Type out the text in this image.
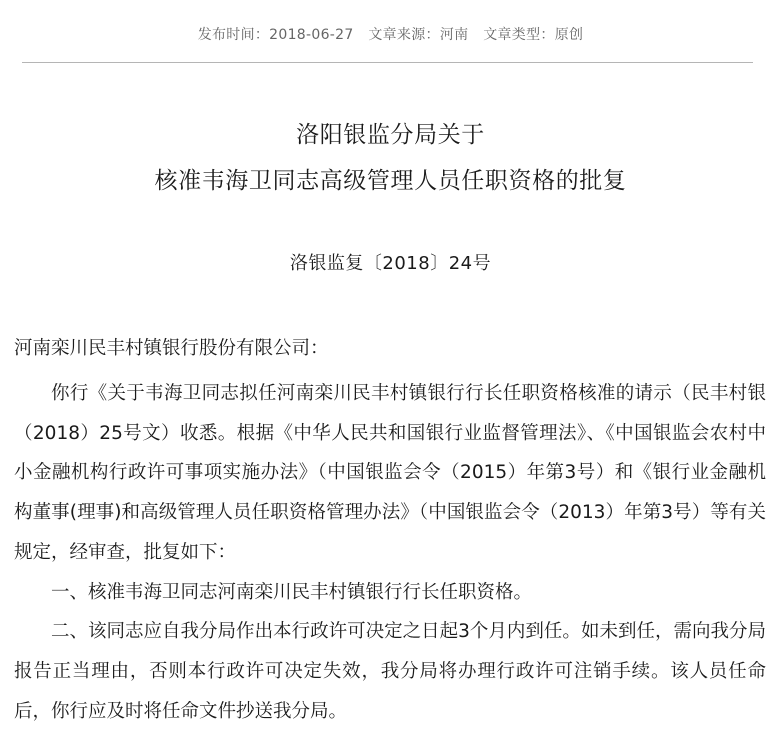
发布时间：2018-06-27 文章来源：河南 文章类型：原创
洛阳银监分局关于
核准韦海卫同志高级管理人员任职资格的批复
洛银监复〔2018〕24号
河南栾川民丰村镇银行股份有限公司：

你行《关于韦海卫同志拟任河南栾川民丰村镇银行行长任职资格核准的请示（民丰村银（2018）25号文）收悉。根据《中华人民共和国银行业监督管理法》、《中国银监会农村中小金融机构行政许可事项实施办法》（中国银监会令（2015）年第3号）和《银行业金融机构董事(理事)和高级管理人员任职资格管理办法》（中国银监会令（2013）年第3号）等有关规定，经审查，批复如下：

一、核准韦海卫同志河南栾川民丰村镇银行行长任职资格。

二、该同志应自我分局作出本行政许可决定之日起3个月内到任。如未到任，需向我分局报告正当理由，否则本行政许可决定失效，我分局将办理行政许可注销手续。该人员任命后，你行应及时将任命文件抄送我分局。
